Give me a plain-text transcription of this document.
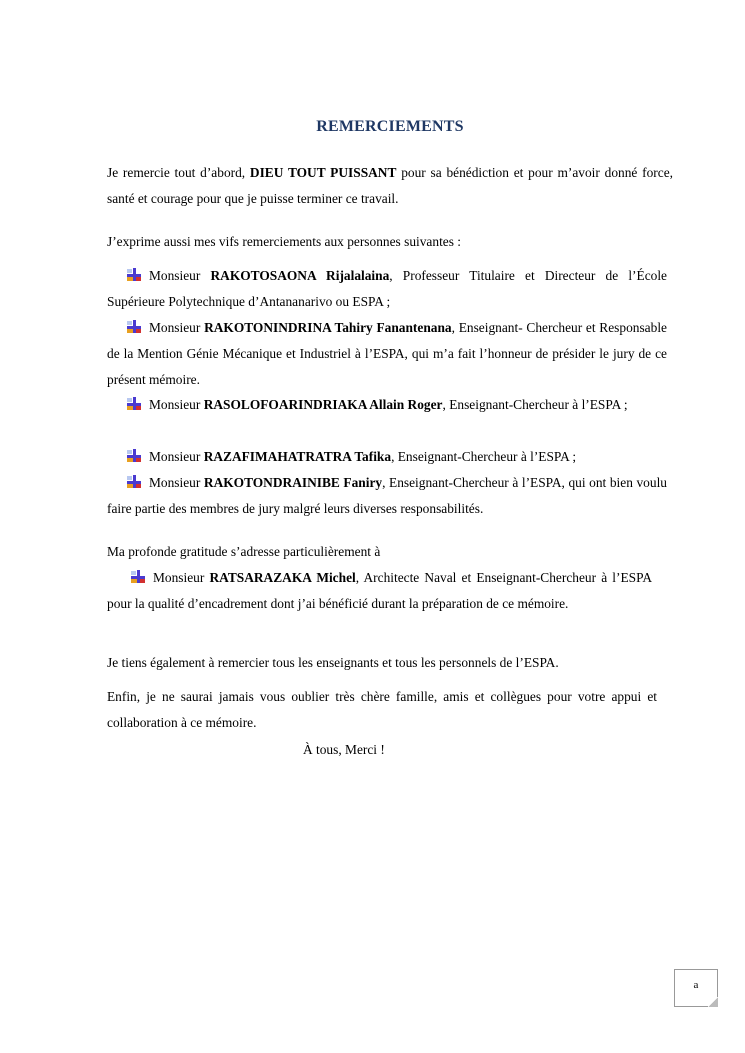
REMERCIEMENTS
Je remercie tout d’abord, DIEU TOUT PUISSANT pour sa bénédiction et pour m’avoir donné force, santé et courage pour que je puisse terminer ce travail.
J’exprime aussi mes vifs remerciements aux personnes suivantes :
Monsieur RAKOTOSAONA Rijalalaina, Professeur Titulaire et Directeur de l’École Supérieure Polytechnique d’Antananarivo ou ESPA ;
Monsieur RAKOTONINDRINA Tahiry Fanantenana, Enseignant- Chercheur et Responsable de la Mention Génie Mécanique et Industriel à l’ESPA, qui m’a fait l’honneur de présider le jury de ce présent mémoire.
Monsieur RASOLOFOARINDRIAKA Allain Roger, Enseignant-Chercheur à l’ESPA ;
Monsieur RAZAFIMAHATRATRA Tafika, Enseignant-Chercheur à l’ESPA ;
Monsieur RAKOTONDRAINIBE Faniry, Enseignant-Chercheur à l’ESPA, qui ont bien voulu faire partie des membres de jury malgré leurs diverses responsabilités.
Ma profonde gratitude s’adresse particulièrement à
Monsieur RATSARAZAKA Michel, Architecte Naval et Enseignant-Chercheur à l’ESPA pour la qualité d’encadrement dont j’ai bénéficié durant la préparation de ce mémoire.
Je tiens également à remercier tous les enseignants et tous les personnels de l’ESPA.
Enfin, je ne saurai jamais vous oublier très chère famille, amis et collègues pour votre appui et collaboration à ce mémoire.
À tous, Merci !
a
